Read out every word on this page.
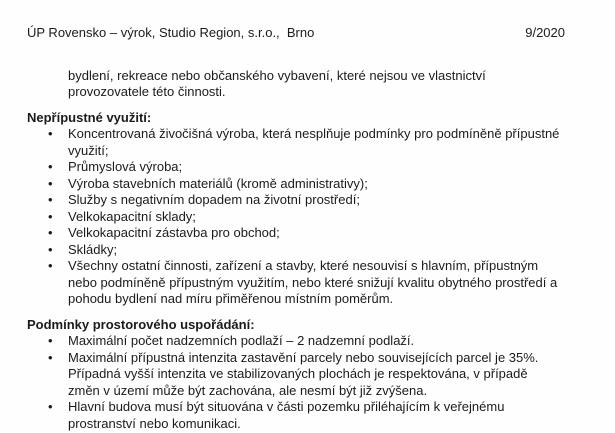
ÚP Rovensko – výrok, Studio Region, s.r.o.,  Brno	9/2020
bydlení, rekreace nebo občanského vybavení, které nejsou ve vlastnictví
provozovatele této činnosti.
Nepřípustné využití:
• Koncentrovaná živočišná výroba, která nesplňuje podmínky pro podmíněně přípustné
využití;
• Průmyslová výroba;
• Výroba stavebních materiálů (kromě administrativy);
• Služby s negativním dopadem na životní prostředí;
• Velkokapacitní sklady;
• Velkokapacitní zástavba pro obchod;
• Skládky;
• Všechny ostatní činnosti, zařízení a stavby, které nesouvisí s hlavním, přípustným
nebo podmíněně přípustným využitím, nebo které snižují kvalitu obytného prostředí a
pohodu bydlení nad míru přiměřenou místním poměrům.
Podmínky prostorového uspořádání:
• Maximální počet nadzemních podlaží – 2 nadzemní podlaží.
• Maximální přípustná intenzita zastavění parcely nebo souvisejících parcel je 35%.
Případná vyšší intenzita ve stabilizovaných plochách je respektována, v případě
změn v území může být zachována, ale nesmí být již zvýšena.
• Hlavní budova musí být situována v části pozemku přiléhajícím k veřejnému
prostranství nebo komunikaci.
